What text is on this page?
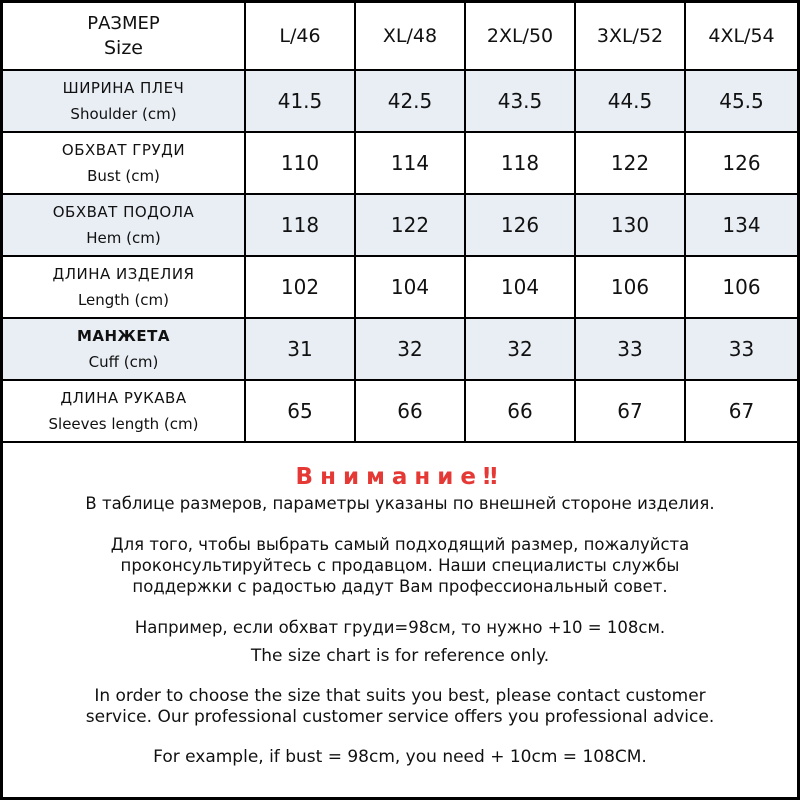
РАЗМЕР
Size	L/46	XL/48	2XL/50	3XL/52	4XL/54

ШИРИНА ПЛЕЧ
Shoulder (cm)	41.5	42.5	43.5	44.5	45.5

ОБХВАТ ГРУДИ
Bust (cm)	110	114	118	122	126

ОБХВАТ ПОДОЛА
Hem (cm)	118	122	126	130	134

ДЛИНА ИЗДЕЛИЯ
Length (cm)	102	104	104	106	106

МАНЖЕТА
Cuff (cm)	31	32	32	33	33

ДЛИНА РУКАВА
Sleeves length (cm)	65	66	66	67	67
Внимание‼

В таблице размеров, параметры указаны по внешней стороне изделия.

Для того, чтобы выбрать самый подходящий размер, пожалуйста

проконсультируйтесь с продавцом. Наши специалисты службы

поддержки с радостью дадут Вам профессиональный совет.

Например, если обхват груди=98см, то нужно +10 = 108см.

The size chart is for reference only.

In order to choose the size that suits you best, please contact customer

service. Our professional customer service offers you professional advice.

For example, if bust = 98cm, you need + 10cm = 108CM.
